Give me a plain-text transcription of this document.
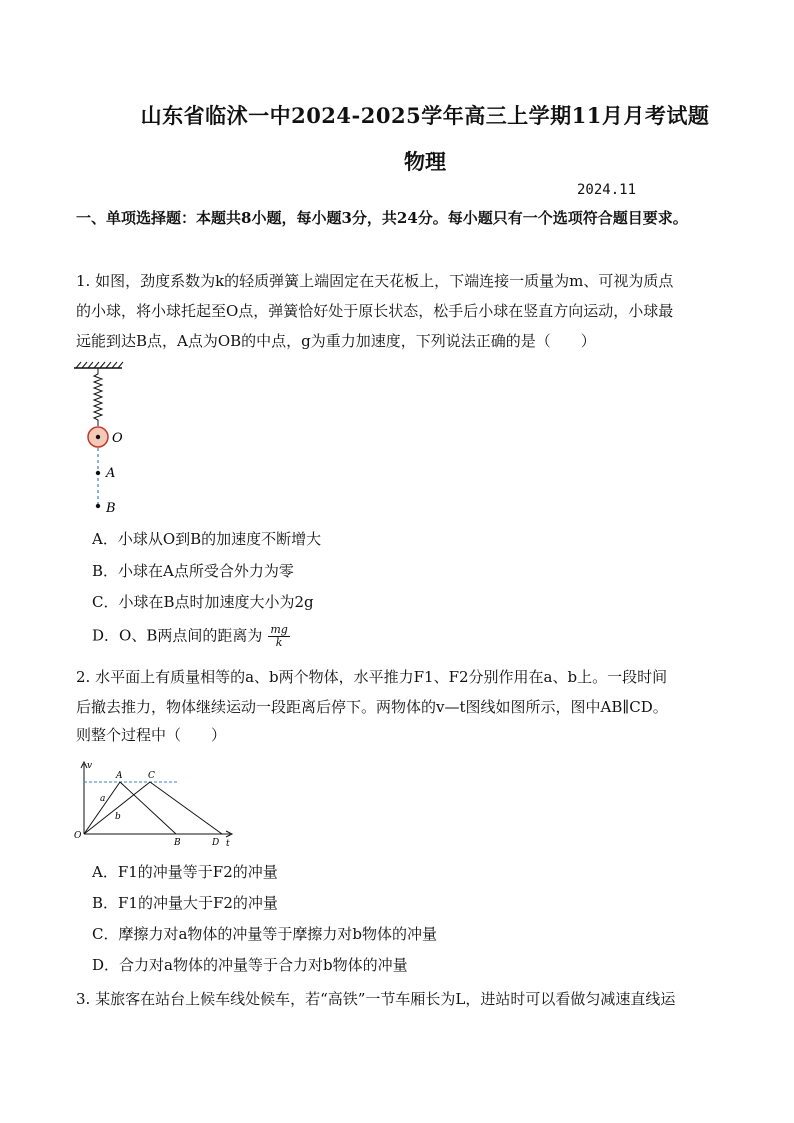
山东省临沭一中2024-2025学年高三上学期11月月考试题
物理
2024.11
一、单项选择题：本题共8小题，每小题3分，共24分。每小题只有一个选项符合题目要求。
1. 如图，劲度系数为k的轻质弹簧上端固定在天花板上，下端连接一质量为m、可视为质点
的小球，将小球托起至O点，弹簧恰好处于原长状态，松手后小球在竖直方向运动，小球最
远能到达B点，A点为OB的中点，g为重力加速度，下列说法正确的是（　　）
O
A
B
A．小球从O到B的加速度不断增大
B．小球在A点所受合外力为零
C．小球在B点时加速度大小为2g
D．O、B两点间的距离为 $\frac{mg}{k}$
2. 水平面上有质量相等的a、b两个物体，水平推力F1、F2分别作用在a、b上。一段时间
后撤去推力，物体继续运动一段距离后停下。两物体的v—t图线如图所示，图中AB∥CD。
则整个过程中（　　）
v
t
O
A	C
B	D
a
b
A．F1的冲量等于F2的冲量
B．F1的冲量大于F2的冲量
C．摩擦力对a物体的冲量等于摩擦力对b物体的冲量
D．合力对a物体的冲量等于合力对b物体的冲量
3. 某旅客在站台上候车线处候车，若“高铁”一节车厢长为L，进站时可以看做匀减速直线运
